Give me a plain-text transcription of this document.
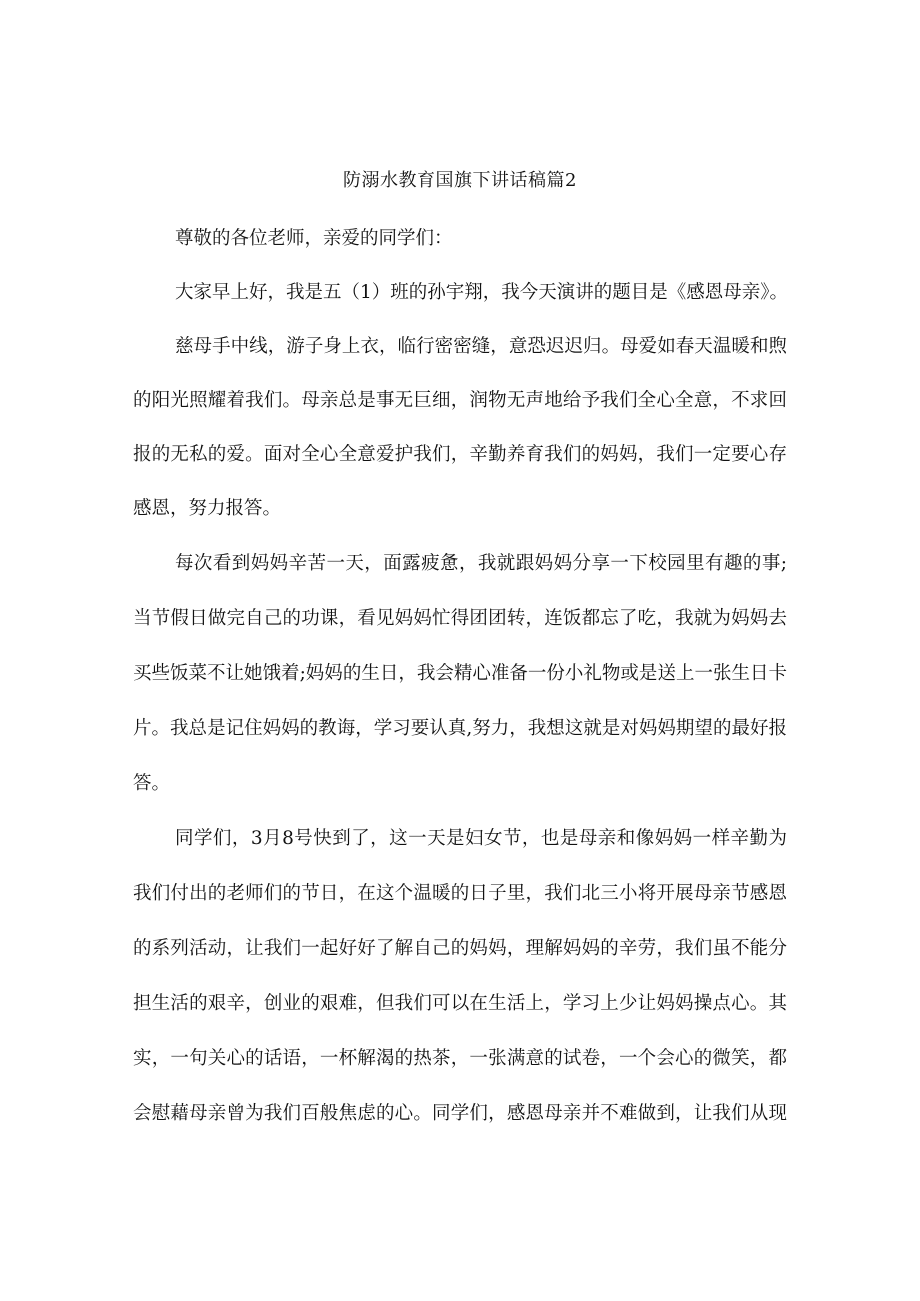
防溺水教育国旗下讲话稿篇2
尊敬的各位老师，亲爱的同学们：
大家早上好，我是五（1）班的孙宇翔，我今天演讲的题目是《感恩母亲》。
慈母手中线，游子身上衣，临行密密缝，意恐迟迟归。母爱如春天温暖和煦
的阳光照耀着我们。母亲总是事无巨细，润物无声地给予我们全心全意，不求回
报的无私的爱。面对全心全意爱护我们，辛勤养育我们的妈妈，我们一定要心存
感恩，努力报答。
每次看到妈妈辛苦一天，面露疲惫，我就跟妈妈分享一下校园里有趣的事;
当节假日做完自己的功课，看见妈妈忙得团团转，连饭都忘了吃，我就为妈妈去
买些饭菜不让她饿着;妈妈的生日，我会精心准备一份小礼物或是送上一张生日卡
片。我总是记住妈妈的教诲，学习要认真,努力，我想这就是对妈妈期望的最好报
答。
同学们，3月8号快到了，这一天是妇女节，也是母亲和像妈妈一样辛勤为
我们付出的老师们的节日，在这个温暖的日子里，我们北三小将开展母亲节感恩
的系列活动，让我们一起好好了解自己的妈妈，理解妈妈的辛劳，我们虽不能分
担生活的艰辛，创业的艰难，但我们可以在生活上，学习上少让妈妈操点心。其
实，一句关心的话语，一杯解渴的热茶，一张满意的试卷，一个会心的微笑，都
会慰藉母亲曾为我们百般焦虑的心。同学们，感恩母亲并不难做到，让我们从现
